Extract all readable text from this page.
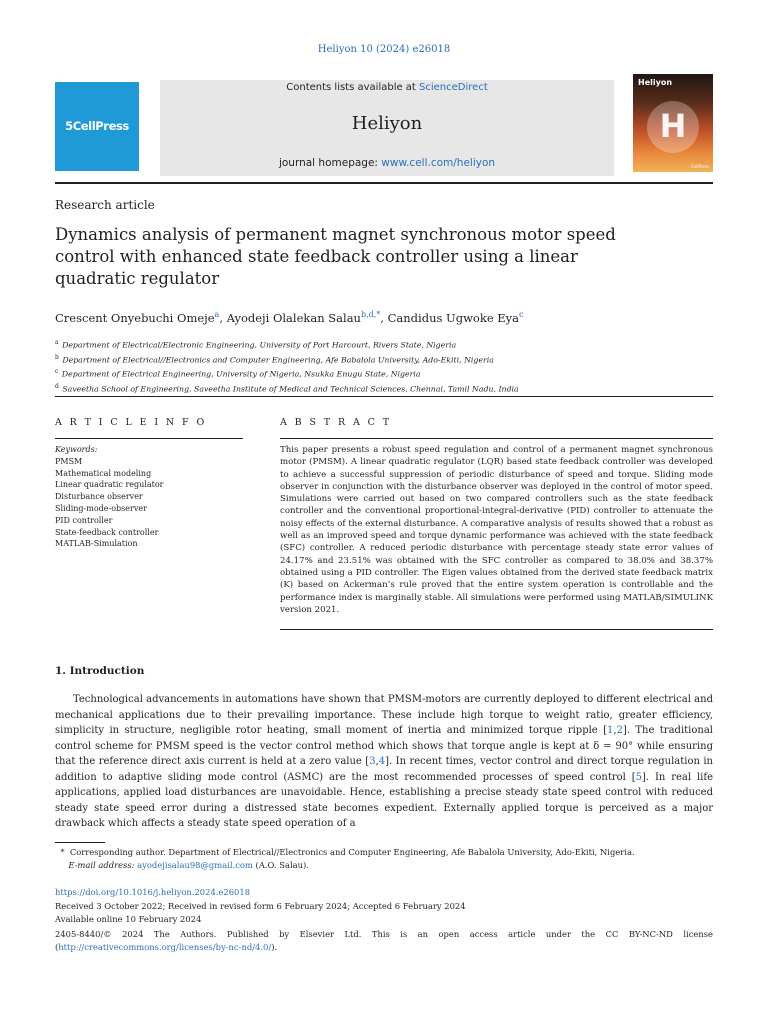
Heliyon 10 (2024) e26018
Contents lists available at ScienceDirect
Heliyon
journal homepage: www.cell.com/heliyon
5CellPress
Heliyon
H
CellPress
Research article
Dynamics analysis of permanent magnet synchronous motor speed control with enhanced state feedback controller using a linear quadratic regulator
Crescent Onyebuchi Omeje$^a$, Ayodeji Olalekan Salau$^{b,d,*}$, Candidus Ugwoke Eya$^c$
$^a$ Department of Electrical/Electronic Engineering, University of Port Harcourt, Rivers State, Nigeria
$^b$ Department of Electrical//Electronics and Computer Engineering, Afe Babalola University, Ado-Ekiti, Nigeria
$^c$ Department of Electrical Engineering, University of Nigeria, Nsukka Enugu State, Nigeria
$^d$ Saveetha School of Engineering, Saveetha Institute of Medical and Technical Sciences, Chennai, Tamil Nadu, India
A R T I C L E I N F O
Keywords:
PMSM
Mathematical modeling
Linear quadratic regulator
Disturbance observer
Sliding-mode-observer
PID controller
State-feedback controller
MATLAB-Simulation
A B S T R A C T
This paper presents a robust speed regulation and control of a permanent magnet synchronous motor (PMSM). A linear quadratic regulator (LQR) based state feedback controller was developed to achieve a successful suppression of periodic disturbance of speed and torque. Sliding mode observer in conjunction with the disturbance observer was deployed in the control of motor speed. Simulations were carried out based on two compared controllers such as the state feedback controller and the conventional proportional-integral-derivative (PID) controller to attenuate the noisy effects of the external disturbance. A comparative analysis of results showed that a robust as well as an improved speed and torque dynamic performance was achieved with the state feedback (SFC) controller. A reduced periodic disturbance with percentage steady state error values of 24.17% and 23.51% was obtained with the SFC controller as compared to 38.0% and 38.37% obtained using a PID controller. The Eigen values obtained from the derived state feedback matrix (K) based on Ackerman’s rule proved that the entire system operation is controllable and the performance index is marginally stable. All simulations were performed using MATLAB/SIMULINK version 2021.
1. Introduction
Technological advancements in automations have shown that PMSM-motors are currently deployed to different electrical and mechanical applications due to their prevailing importance. These include high torque to weight ratio, greater efficiency, simplicity in structure, negligible rotor heating, small moment of inertia and minimized torque ripple [1,2]. The traditional control scheme for PMSM speed is the vector control method which shows that torque angle is kept at δ = 90° while ensuring that the reference direct axis current is held at a zero value [3,4]. In recent times, vector control and direct torque regulation in addition to adaptive sliding mode control (ASMC) are the most recommended processes of speed control [5]. In real life applications, applied load disturbances are unavoidable. Hence, establishing a precise steady state speed control with reduced steady state speed error during a distressed state becomes expedient. Externally applied torque is perceived as a major drawback which affects a steady state speed operation of a
* Corresponding author. Department of Electrical//Electronics and Computer Engineering, Afe Babalola University, Ado-Ekiti, Nigeria.
E-mail address: ayodejisalau98@gmail.com (A.O. Salau).
https://doi.org/10.1016/j.heliyon.2024.e26018
Received 3 October 2022; Received in revised form 6 February 2024; Accepted 6 February 2024
Available online 10 February 2024
2405-8440/© 2024 The Authors. Published by Elsevier Ltd. This is an open access article under the CC BY-NC-ND license (http://creativecommons.org/licenses/by-nc-nd/4.0/).
